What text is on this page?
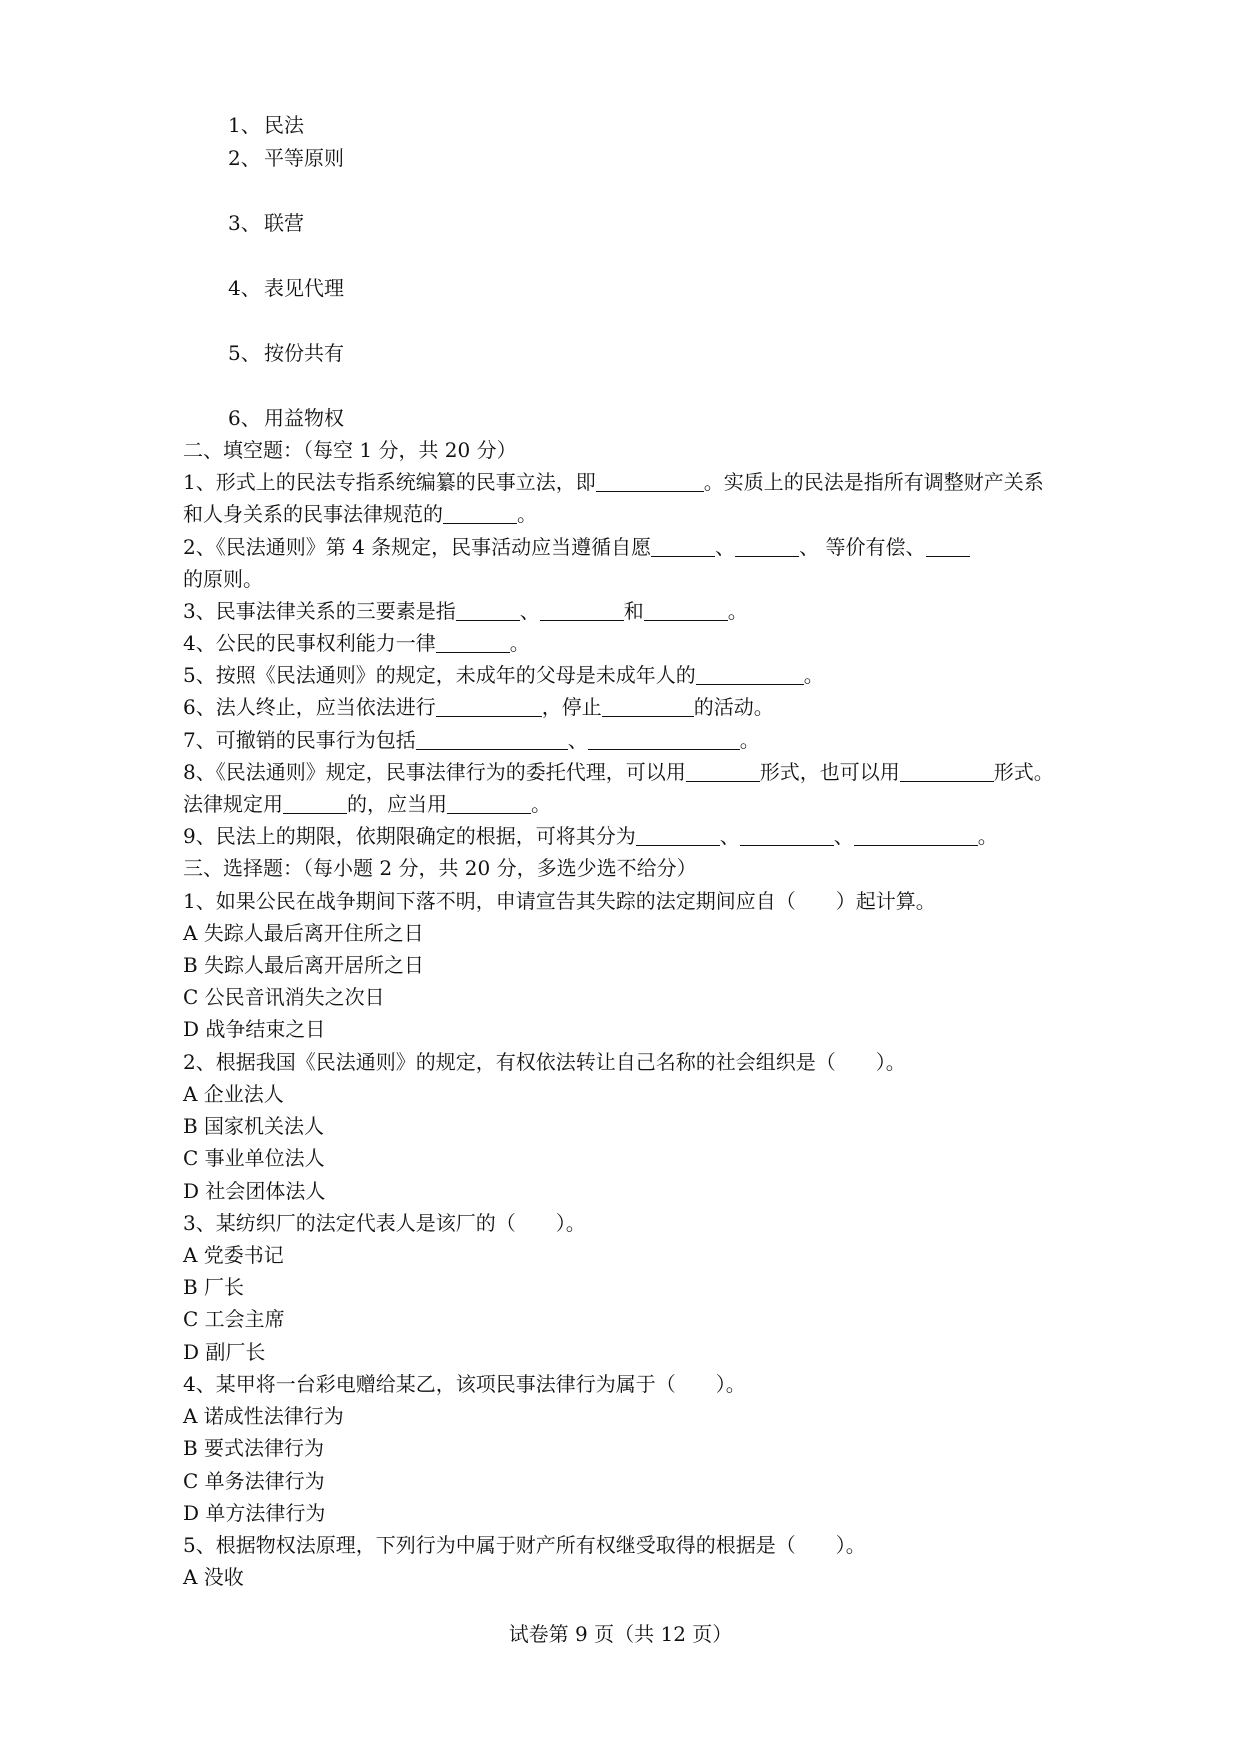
1、 民法
2、 平等原则
3、 联营
4、 表见代理
5、 按份共有
6、 用益物权
二、填空题：（每空 1 分，共 20 分）
1、形式上的民法专指系统编纂的民事立法，即	。实质上的民法是指所有调整财产关系
和人身关系的民事法律规范的	。
2、《民法通则》第 4 条规定，民事活动应当遵循自愿	、	、 等价有偿、
的原则。
3、民事法律关系的三要素是指	、	和	。
4、公民的民事权利能力一律	。
5、按照《民法通则》的规定，未成年的父母是未成年人的	。
6、法人终止，应当依法进行	，停止	的活动。
7、可撤销的民事行为包括	、	。
8、《民法通则》规定，民事法律行为的委托代理，可以用	形式，也可以用	形式。
法律规定用	的，应当用	。
9、民法上的期限，依期限确定的根据，可将其分为	、	、	。
三、选择题：（每小题 2 分，共 20 分，多选少选不给分）
1、如果公民在战争期间下落不明，申请宣告其失踪的法定期间应自（　　）起计算。
A 失踪人最后离开住所之日
B 失踪人最后离开居所之日
C 公民音讯消失之次日
D 战争结束之日
2、根据我国《民法通则》的规定，有权依法转让自己名称的社会组织是（　　）。
A 企业法人
B 国家机关法人
C 事业单位法人
D 社会团体法人
3、某纺织厂的法定代表人是该厂的（　　）。
A 党委书记
B 厂长
C 工会主席
D 副厂长
4、某甲将一台彩电赠给某乙，该项民事法律行为属于（　　）。
A 诺成性法律行为
B 要式法律行为
C 单务法律行为
D 单方法律行为
5、根据物权法原理，下列行为中属于财产所有权继受取得的根据是（　　）。
A 没收
试卷第 9 页（共 12 页）
